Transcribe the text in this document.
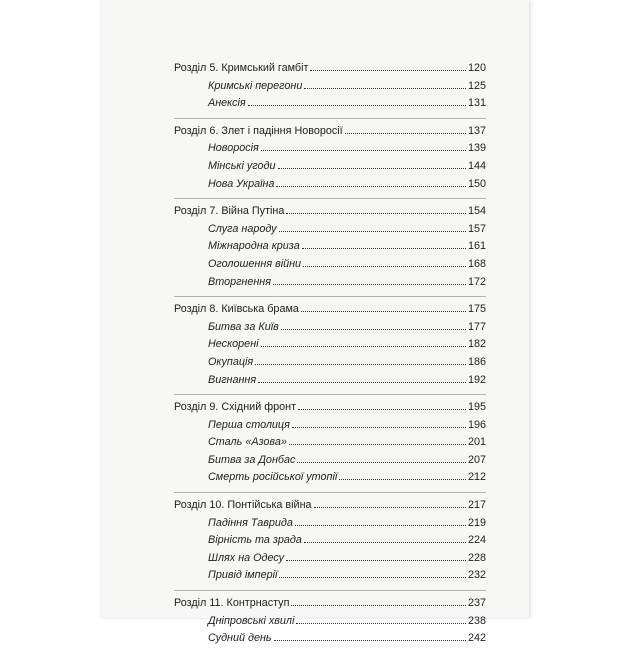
Розділ 5. Кримський гамбіт	120
Кримські перегони	125
Анексія	131
Розділ 6. Злет і падіння Новоросії	137
Новоросія	139
Мінські угоди	144
Нова Україна	150
Розділ 7. Війна Путіна	154
Слуга народу	157
Міжнародна криза	161
Оголошення війни	168
Вторгнення	172
Розділ 8. Київська брама	175
Битва за Київ	177
Нескорені	182
Окупація	186
Вигнання	192
Розділ 9. Східний фронт	195
Перша столиця	196
Сталь «Азова»	201
Битва за Донбас	207
Смерть російської утопії	212
Розділ 10. Понтійська війна	217
Падіння Таврида	219
Вірність та зрада	224
Шлях на Одесу	228
Привід імперії	232
Розділ 11. Контрнаступ	237
Дніпровські хвилі	238
Судний день	242
